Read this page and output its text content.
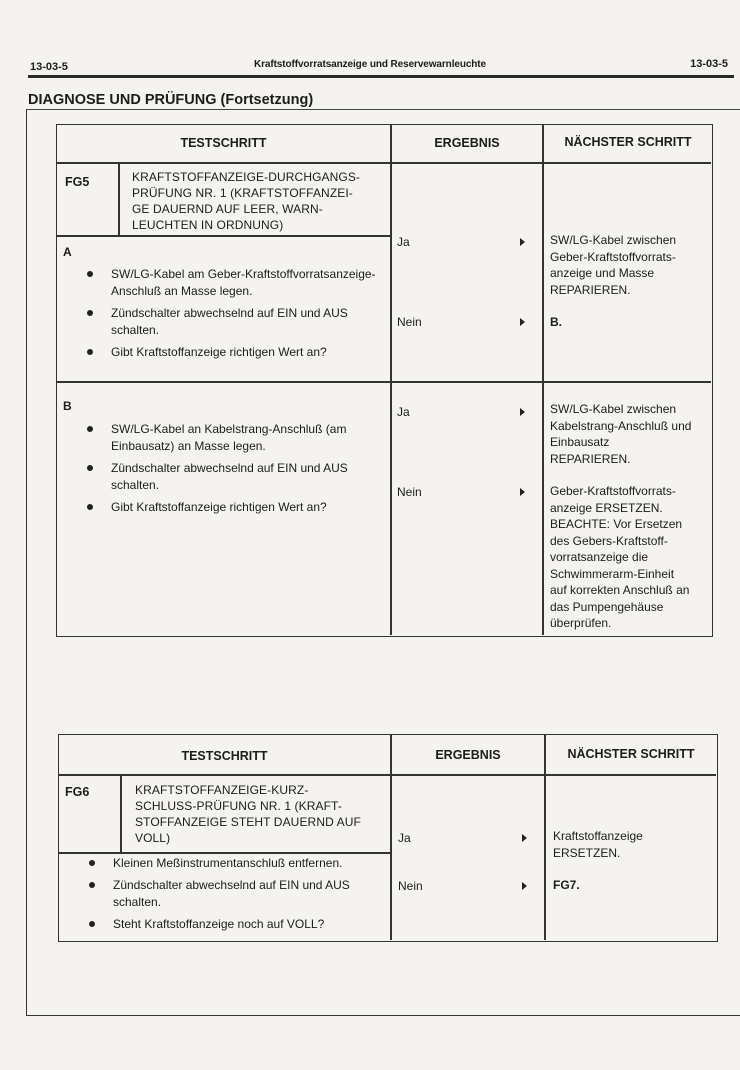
13-03-5	Kraftstoffvorratsanzeige und Reservewarnleuchte	13-03-5
DIAGNOSE UND PRÜFUNG (Fortsetzung)
TESTSCHRITT	ERGEBNIS	NÄCHSTER SCHRITT
FG5	KRAFTSTOFFANZEIGE-DURCHGANGS-
PRÜFUNG NR. 1 (KRAFTSTOFFANZEI-
GE DAUERND AUF LEER, WARN-
LEUCHTEN IN ORDNUNG)
A
SW/LG-Kabel am Geber-Kraftstoffvorratsanzeige-Anschluß an Masse legen.
Zündschalter abwechselnd auf EIN und AUS schalten.
Gibt Kraftstoffanzeige richtigen Wert an?
Ja	SW/LG-Kabel zwischen
Geber-Kraftstoffvorrats-
anzeige und Masse
REPARIEREN.
Nein	B.
B
SW/LG-Kabel an Kabelstrang-Anschluß (am Einbausatz) an Masse legen.
Zündschalter abwechselnd auf EIN und AUS schalten.
Gibt Kraftstoffanzeige richtigen Wert an?
Ja	SW/LG-Kabel zwischen
Kabelstrang-Anschluß und
Einbausatz
REPARIEREN.
Nein	Geber-Kraftstoffvorrats-
anzeige ERSETZEN.
BEACHTE: Vor Ersetzen
des Gebers-Kraftstoff-
vorratsanzeige die
Schwimmerarm-Einheit
auf korrekten Anschluß an
das Pumpengehäuse
überprüfen.
TESTSCHRITT	ERGEBNIS	NÄCHSTER SCHRITT
FG6	KRAFTSTOFFANZEIGE-KURZ-
SCHLUSS-PRÜFUNG NR. 1 (KRAFT-
STOFFANZEIGE STEHT DAUERND AUF
VOLL)
Kleinen Meßinstrumentanschluß entfernen.
Zündschalter abwechselnd auf EIN und AUS schalten.
Steht Kraftstoffanzeige noch auf VOLL?
Ja	Kraftstoffanzeige
ERSETZEN.
Nein	FG7.
